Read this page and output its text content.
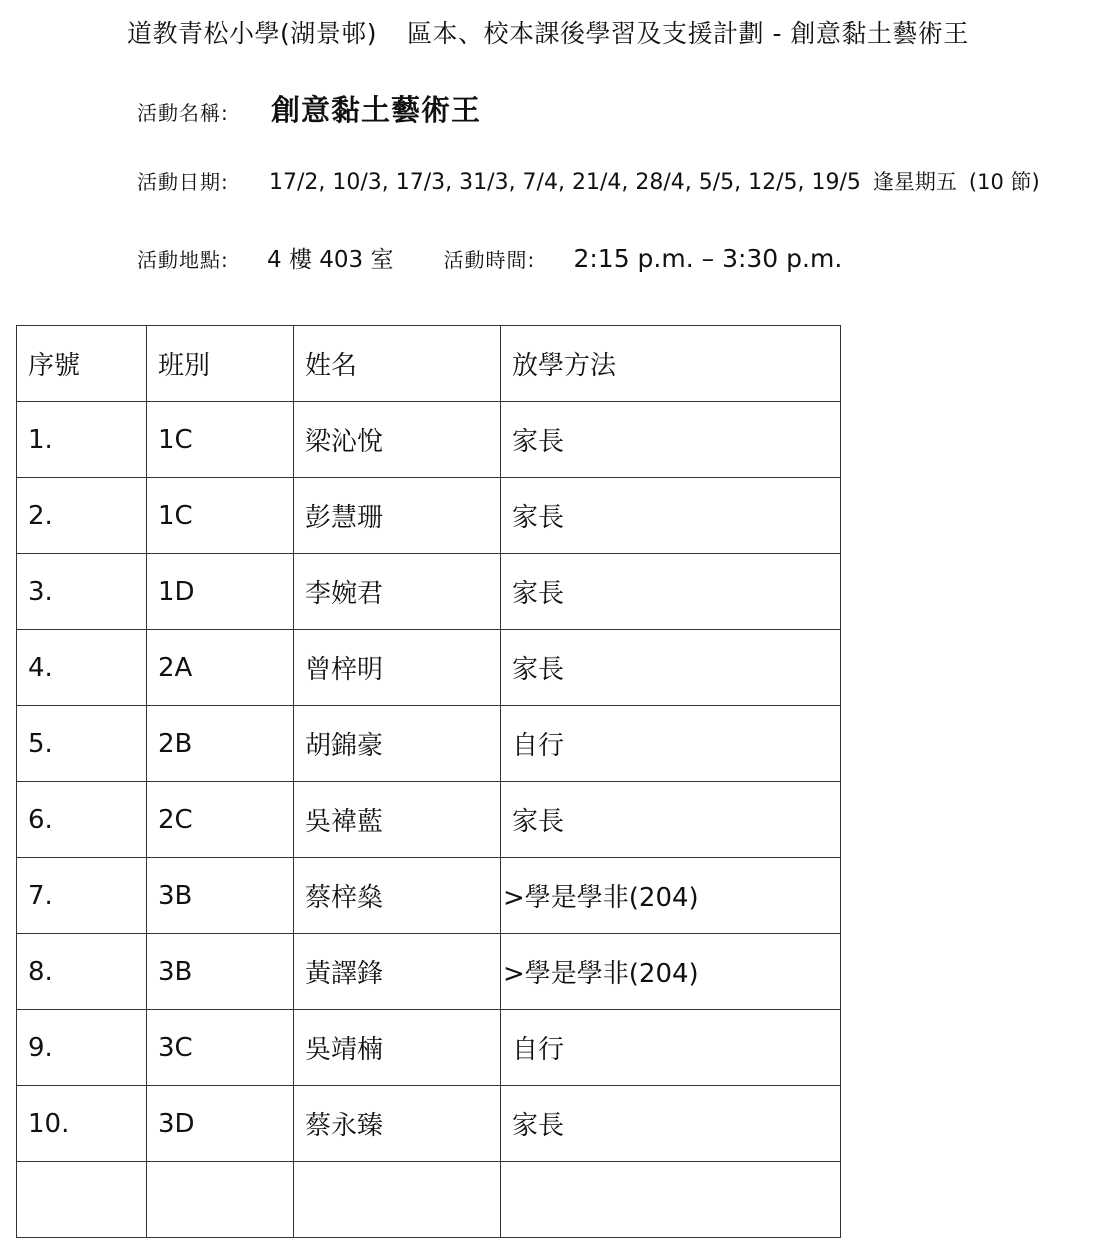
道教青松小學(湖景邨) 區本、校本課後學習及支援計劃 - 創意黏土藝術王
活動名稱: 創意黏土藝術王
活動日期: 17/2, 10/3, 17/3, 31/3, 7/4, 21/4, 28/4, 5/5, 12/5, 19/5 逢星期五 (10 節)
活動地點: 4 樓 403 室	活動時間: 2:15 p.m. – 3:30 p.m.
序號	班別	姓名	放學方法
1.	1C	梁沁悅	家長
2.	1C	彭慧珊	家長
3.	1D	李婉君	家長
4.	2A	曾梓明	家長
5.	2B	胡錦豪	自行
6.	2C	吳褘藍	家長
7.	3B	蔡梓燊	>學是學非(204)
8.	3B	黃譯鋒	>學是學非(204)
9.	3C	吳靖楠	自行
10.	3D	蔡永臻	家長
